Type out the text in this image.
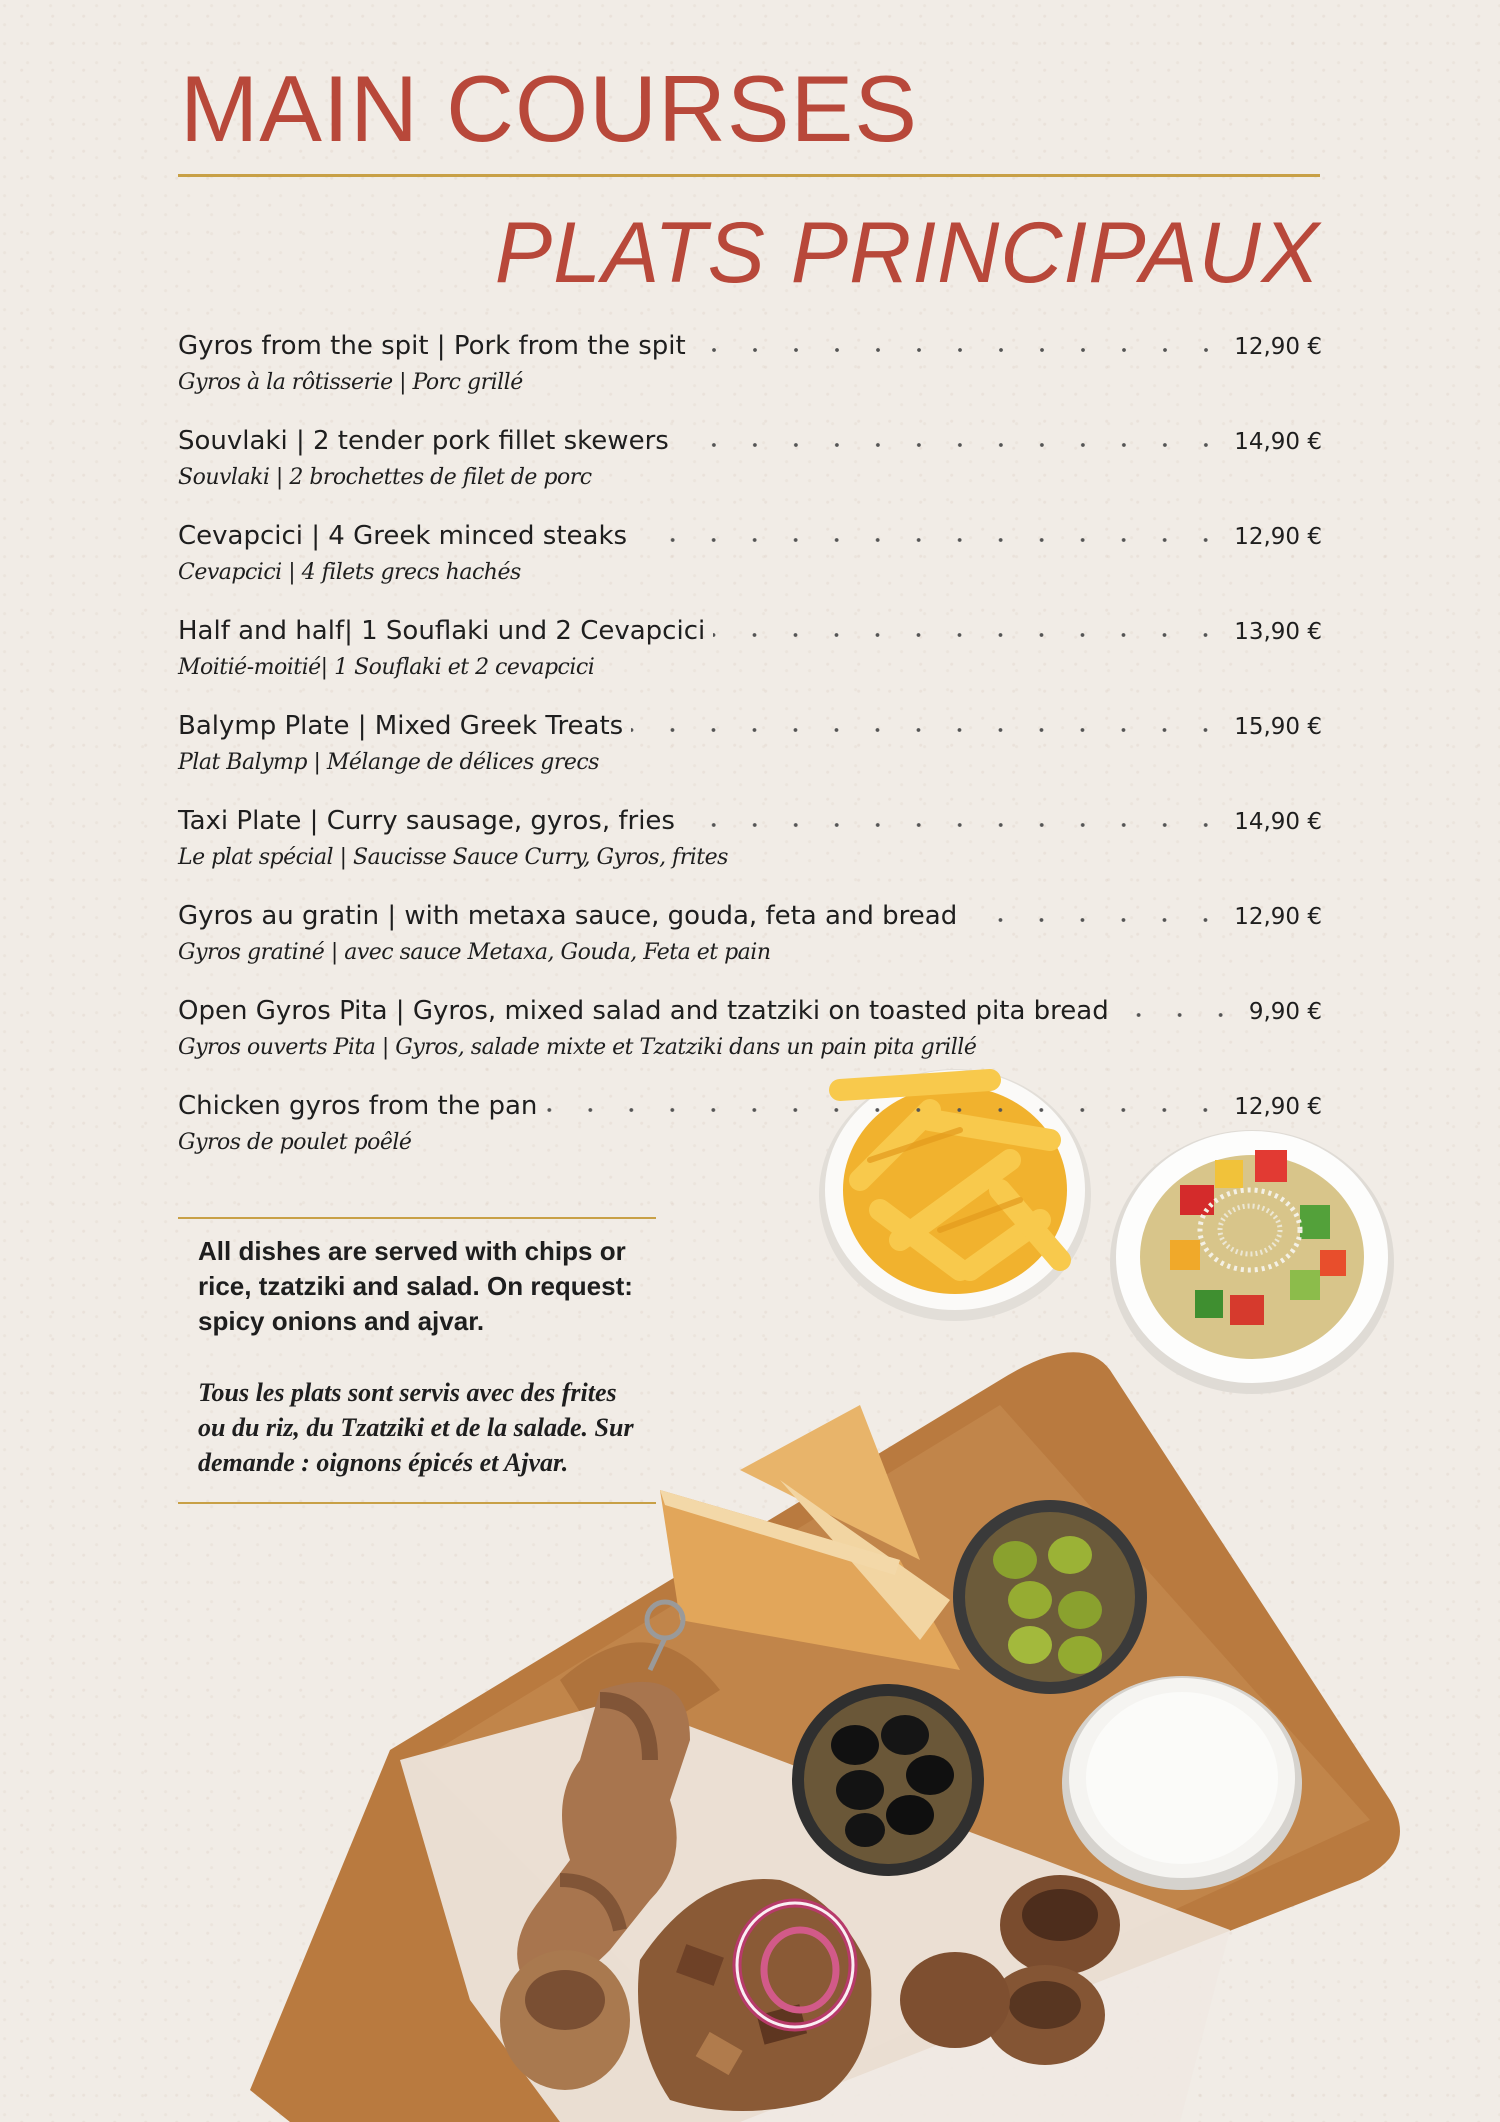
MAIN COURSES
PLATS PRINCIPAUX
Gyros from the spit | Pork from the spit	12,90 €
Gyros à la rôtisserie | Porc grillé
Souvlaki | 2 tender pork fillet skewers	14,90 €
Souvlaki | 2 brochettes de filet de porc
Cevapcici | 4 Greek minced steaks	12,90 €
Cevapcici | 4 filets grecs hachés
Half and half| 1 Souflaki und 2 Cevapcici	13,90 €
Moitié-moitié| 1 Souflaki et 2 cevapcici
Balymp Plate | Mixed Greek Treats	15,90 €
Plat Balymp | Mélange de délices grecs
Taxi Plate | Curry sausage, gyros, fries	14,90 €
Le plat spécial | Saucisse Sauce Curry, Gyros, frites
Gyros au gratin | with metaxa sauce, gouda, feta and bread	12,90 €
Gyros gratiné | avec sauce Metaxa, Gouda, Feta et pain
Open Gyros Pita | Gyros, mixed salad and tzatziki on toasted pita bread	9,90 €
Gyros ouverts Pita | Gyros, salade mixte et Tzatziki dans un pain pita grillé
Chicken gyros from the pan	12,90 €
Gyros de poulet poêlé
All dishes are served with chips or rice, tzatziki and salad. On request: spicy onions and ajvar.
Tous les plats sont servis avec des frites ou du riz, du Tzatziki et de la salade. Sur demande : oignons épicés et Ajvar.
